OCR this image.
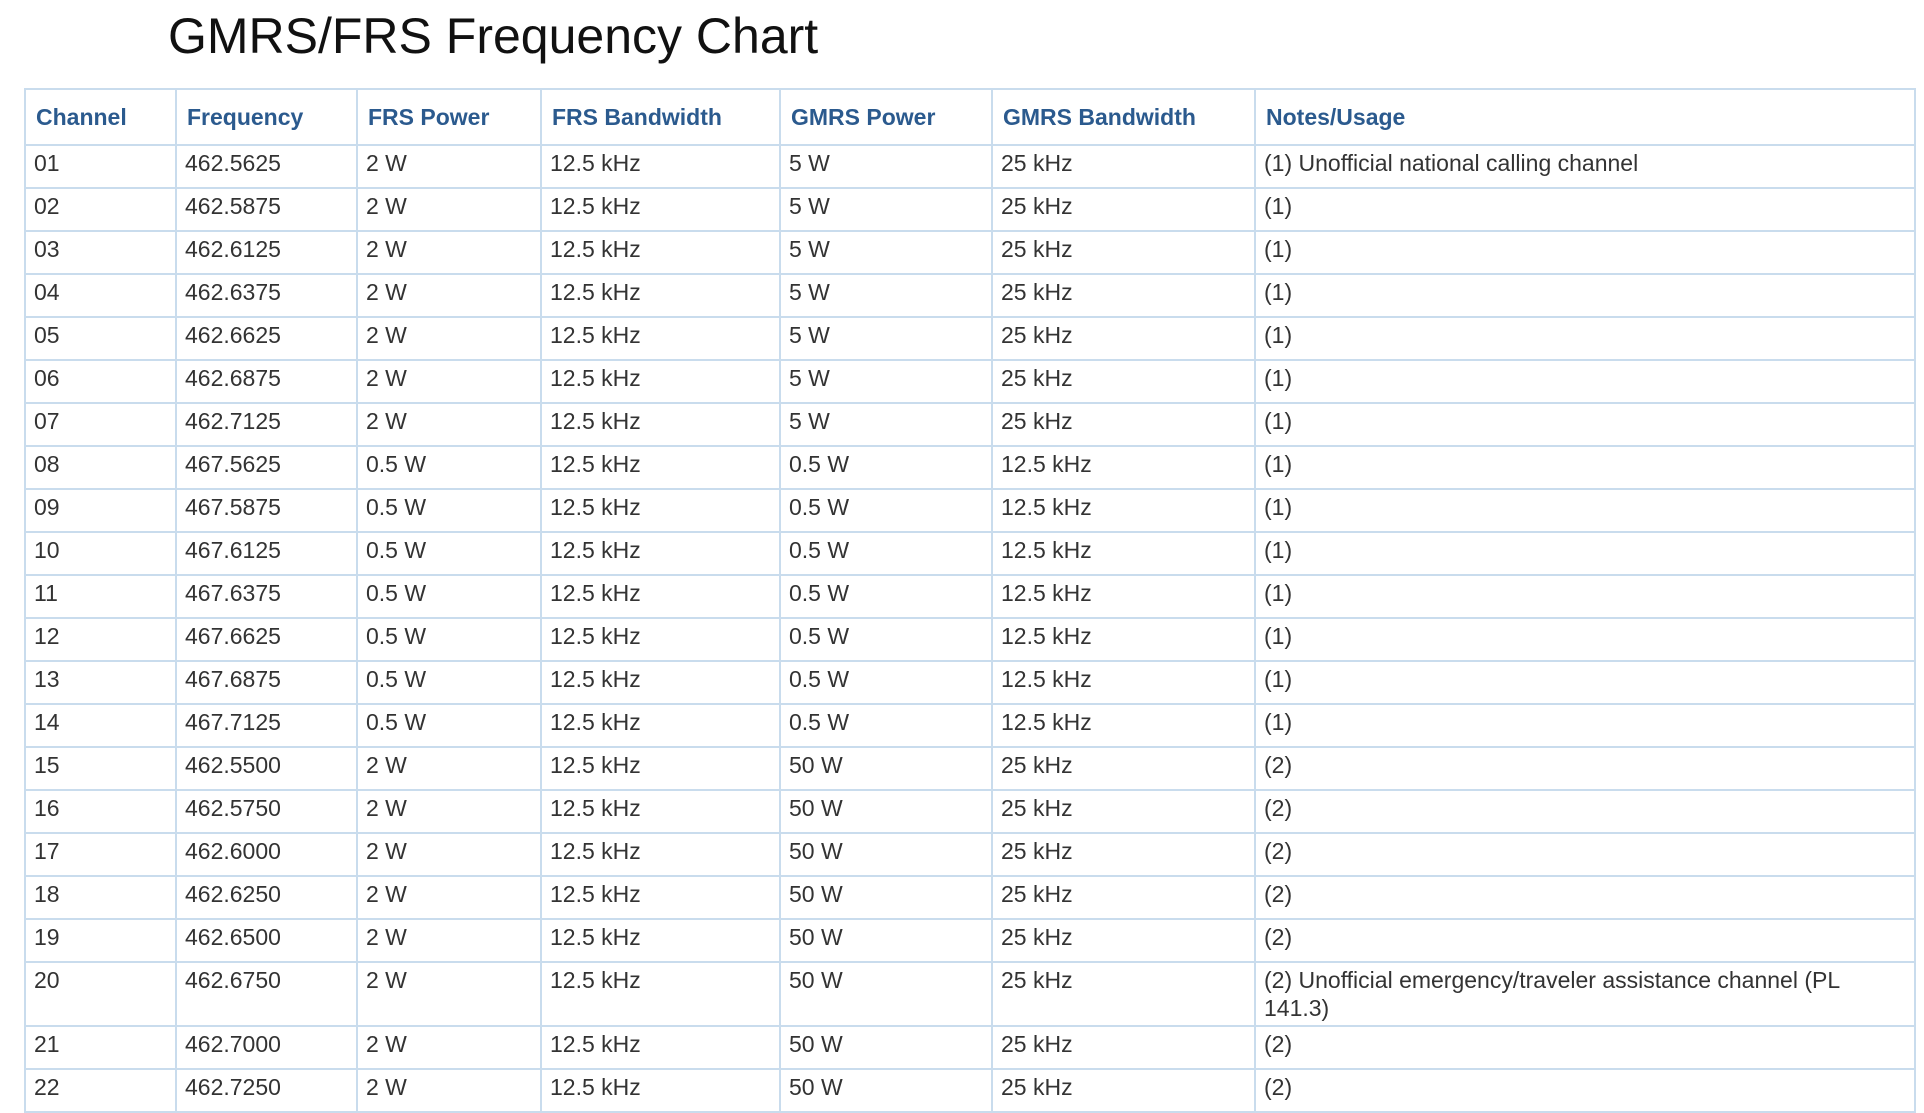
GMRS/FRS Frequency Chart
Channel	Frequency	FRS Power	FRS Bandwidth	GMRS Power	GMRS Bandwidth	Notes/Usage
01	462.5625	2 W	12.5 kHz	5 W	25 kHz	(1) Unofficial national calling channel
02	462.5875	2 W	12.5 kHz	5 W	25 kHz	(1)
03	462.6125	2 W	12.5 kHz	5 W	25 kHz	(1)
04	462.6375	2 W	12.5 kHz	5 W	25 kHz	(1)
05	462.6625	2 W	12.5 kHz	5 W	25 kHz	(1)
06	462.6875	2 W	12.5 kHz	5 W	25 kHz	(1)
07	462.7125	2 W	12.5 kHz	5 W	25 kHz	(1)
08	467.5625	0.5 W	12.5 kHz	0.5 W	12.5 kHz	(1)
09	467.5875	0.5 W	12.5 kHz	0.5 W	12.5 kHz	(1)
10	467.6125	0.5 W	12.5 kHz	0.5 W	12.5 kHz	(1)
11	467.6375	0.5 W	12.5 kHz	0.5 W	12.5 kHz	(1)
12	467.6625	0.5 W	12.5 kHz	0.5 W	12.5 kHz	(1)
13	467.6875	0.5 W	12.5 kHz	0.5 W	12.5 kHz	(1)
14	467.7125	0.5 W	12.5 kHz	0.5 W	12.5 kHz	(1)
15	462.5500	2 W	12.5 kHz	50 W	25 kHz	(2)
16	462.5750	2 W	12.5 kHz	50 W	25 kHz	(2)
17	462.6000	2 W	12.5 kHz	50 W	25 kHz	(2)
18	462.6250	2 W	12.5 kHz	50 W	25 kHz	(2)
19	462.6500	2 W	12.5 kHz	50 W	25 kHz	(2)
20	462.6750	2 W	12.5 kHz	50 W	25 kHz	(2) Unofficial emergency/traveler assistance channel (PL 141.3)
21	462.7000	2 W	12.5 kHz	50 W	25 kHz	(2)
22	462.7250	2 W	12.5 kHz	50 W	25 kHz	(2)
